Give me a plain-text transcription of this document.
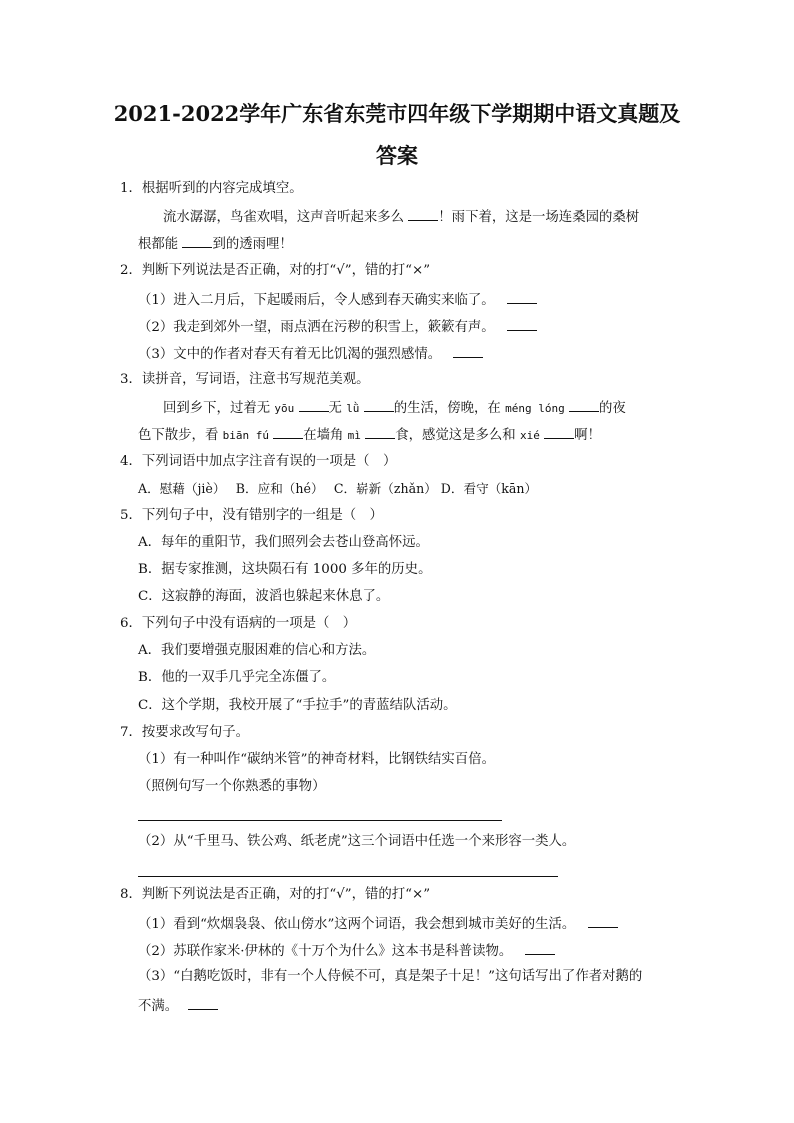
2021-2022学年广东省东莞市四年级下学期期中语文真题及
答案
1．根据听到的内容完成填空。
流水潺潺，鸟雀欢唱，这声音听起来多么	！雨下着，这是一场连桑园的桑树
根都能	到的透雨哩！
2．判断下列说法是否正确，对的打“√”，错的打“×”
（1）进入二月后，下起暖雨后，令人感到春天确实来临了。
（2）我走到郊外一望，雨点洒在污秽的积雪上，簌簌有声。
（3）文中的作者对春天有着无比饥渴的强烈感情。
3．读拼音，写词语，注意书写规范美观。
回到乡下，过着无 yōu	无 lǜ	的生活，傍晚，在 méng lóng	的夜
色下散步，看 biān fú	在墙角 mì	食，感觉这是多么和 xié	啊！
4．下列词语中加点字注音有误的一项是（　）
A．慰藉（jiè）　 B．应和（hé）　 C．崭新（zhǎn） D．看守（kān）
5．下列句子中，没有错别字的一组是（　）
A．每年的重阳节，我们照列会去苍山登高怀远。
B．据专家推测，这块陨石有 1000 多年的历史。
C．这寂静的海面，波滔也躲起来休息了。
6．下列句子中没有语病的一项是（　）
A．我们要增强克服困难的信心和方法。
B．他的一双手几乎完全冻僵了。
C．这个学期，我校开展了“手拉手”的青蓝结队活动。
7．按要求改写句子。
（1）有一种叫作“碳纳米管”的神奇材料，比钢铁结实百倍。
（照例句写一个你熟悉的事物）
（2）从“千里马、铁公鸡、纸老虎”这三个词语中任选一个来形容一类人。
8．判断下列说法是否正确，对的打“√”，错的打“×”
（1）看到“炊烟袅袅、依山傍水”这两个词语，我会想到城市美好的生活。
（2）苏联作家米·伊林的《十万个为什么》这本书是科普读物。
（3）“白鹅吃饭时，非有一个人侍候不可，真是架子十足！”这句话写出了作者对鹅的
不满。
